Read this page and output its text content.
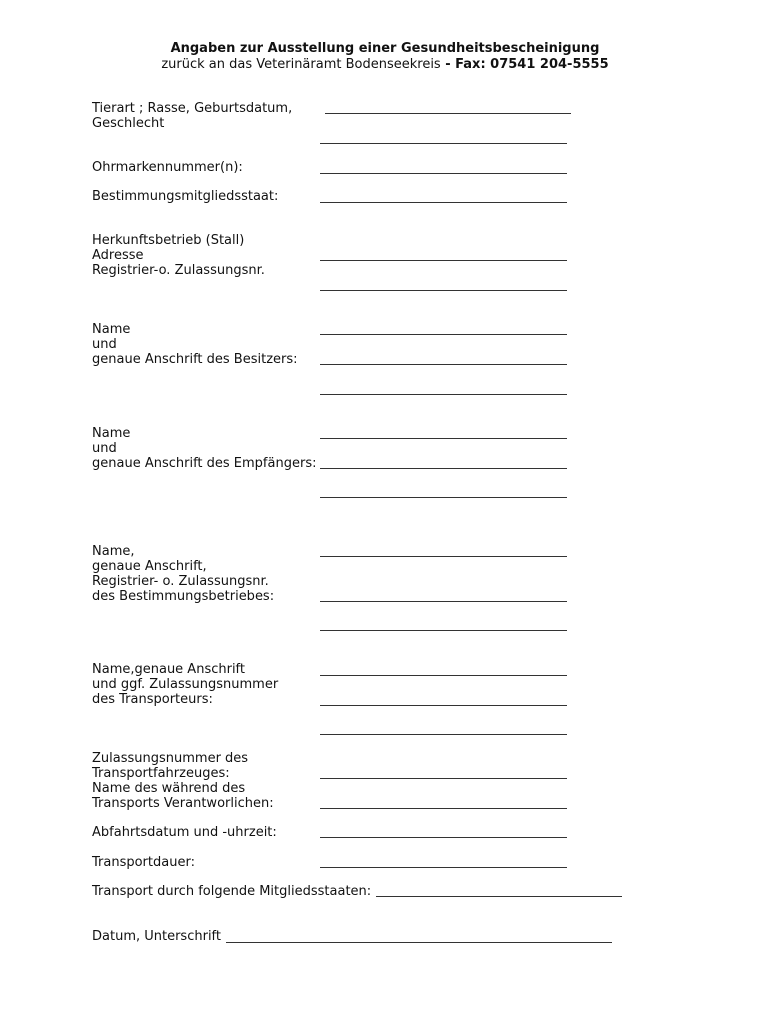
Angaben zur Ausstellung einer Gesundheitsbescheinigung
zurück an das Veterinäramt Bodenseekreis - Fax: 07541 204-5555

Tierart ; Rasse, Geburtsdatum,
Geschlecht

Ohrmarkennummer(n):

Bestimmungsmitgliedsstaat:

Herkunftsbetrieb (Stall)
Adresse
Registrier-o. Zulassungsnr.

Name
und
genaue Anschrift des Besitzers:

Name
und

genaue Anschrift des Empfängers:

Name,
genaue Anschrift,
Registrier- o. Zulassungsnr.
des Bestimmungsbetriebes:

Name,genaue Anschrift
und ggf. Zulassungsnummer
des Transporteurs:

Zulassungsnummer des
Transportfahrzeuges:
Name des während des
Transports Verantworlichen:

Abfahrtsdatum und -uhrzeit:

Transportdauer:

Transport durch folgende Mitgliedsstaaten:

Datum, Unterschrift
